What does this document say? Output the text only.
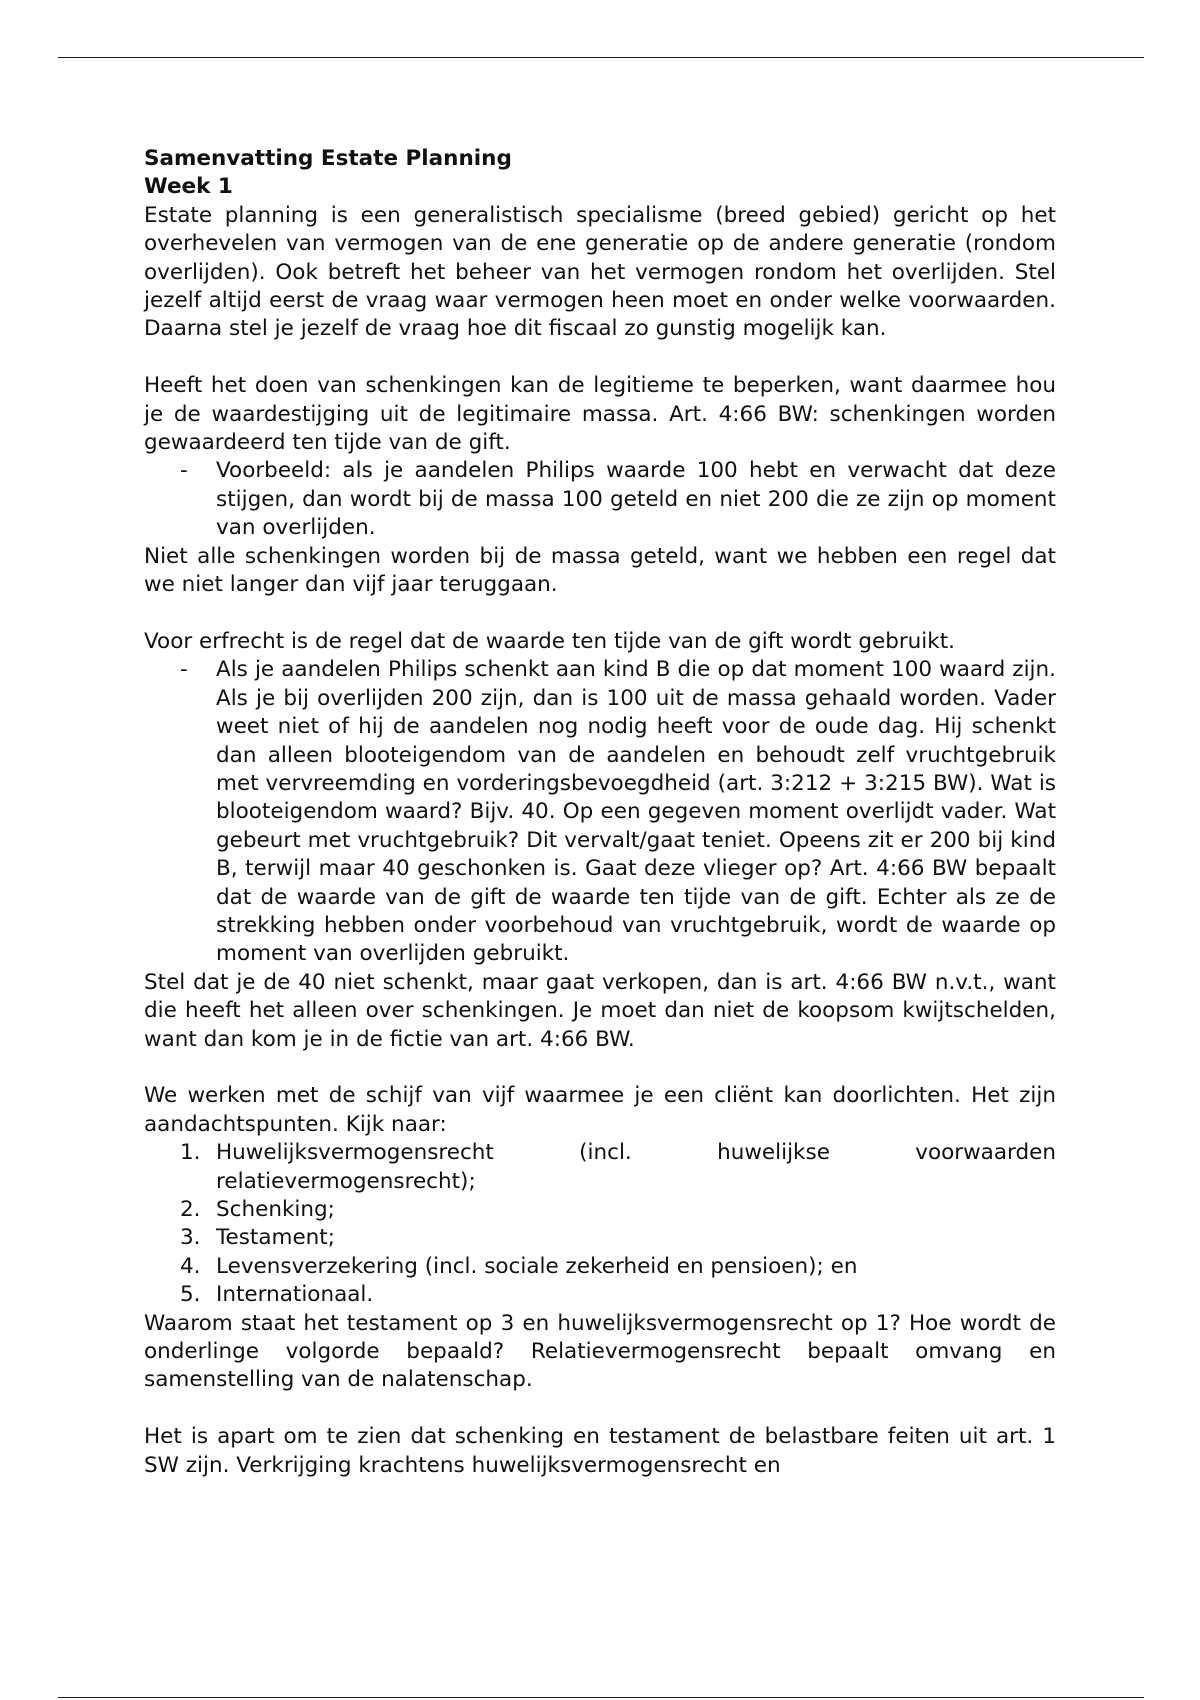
Samenvatting Estate Planning

Week 1

Estate planning is een generalistisch specialisme (breed gebied) gericht op het overhevelen van vermogen van de ene generatie op de andere generatie (rondom overlijden). Ook betreft het beheer van het vermogen rondom het overlijden. Stel jezelf altijd eerst de vraag waar vermogen heen moet en onder welke voorwaarden. Daarna stel je jezelf de vraag hoe dit fiscaal zo gunstig mogelijk kan.

Heeft het doen van schenkingen kan de legitieme te beperken, want daarmee hou je de waardestijging uit de legitimaire massa. Art. 4:66 BW: schenkingen worden gewaardeerd ten tijde van de gift.

- Voorbeeld: als je aandelen Philips waarde 100 hebt en verwacht dat deze stijgen, dan wordt bij de massa 100 geteld en niet 200 die ze zijn op moment van overlijden.

Niet alle schenkingen worden bij de massa geteld, want we hebben een regel dat we niet langer dan vijf jaar teruggaan.

Voor erfrecht is de regel dat de waarde ten tijde van de gift wordt gebruikt.

- Als je aandelen Philips schenkt aan kind B die op dat moment 100 waard zijn. Als je bij overlijden 200 zijn, dan is 100 uit de massa gehaald worden. Vader weet niet of hij de aandelen nog nodig heeft voor de oude dag. Hij schenkt dan alleen blooteigendom van de aandelen en behoudt zelf vruchtgebruik met vervreemding en vorderingsbevoegdheid (art. 3:212 + 3:215 BW). Wat is blooteigendom waard? Bijv. 40. Op een gegeven moment overlijdt vader. Wat gebeurt met vruchtgebruik? Dit vervalt/gaat teniet. Opeens zit er 200 bij kind B, terwijl maar 40 geschonken is. Gaat deze vlieger op? Art. 4:66 BW bepaalt dat de waarde van de gift de waarde ten tijde van de gift. Echter als ze de strekking hebben onder voorbehoud van vruchtgebruik, wordt de waarde op moment van overlijden gebruikt.

Stel dat je de 40 niet schenkt, maar gaat verkopen, dan is art. 4:66 BW n.v.t., want die heeft het alleen over schenkingen. Je moet dan niet de koopsom kwijtschelden, want dan kom je in de fictie van art. 4:66 BW.

We werken met de schijf van vijf waarmee je een cliënt kan doorlichten. Het zijn aandachtspunten. Kijk naar:

1. Huwelijksvermogensrecht (incl. huwelijkse voorwaarden relatievermogensrecht);
2. Schenking;
3. Testament;
4. Levensverzekering (incl. sociale zekerheid en pensioen); en
5. Internationaal.

Waarom staat het testament op 3 en huwelijksvermogensrecht op 1? Hoe wordt de onderlinge volgorde bepaald? Relatievermogensrecht bepaalt omvang en samenstelling van de nalatenschap.

Het is apart om te zien dat schenking en testament de belastbare feiten uit art. 1 SW zijn. Verkrijging krachtens huwelijksvermogensrecht en
